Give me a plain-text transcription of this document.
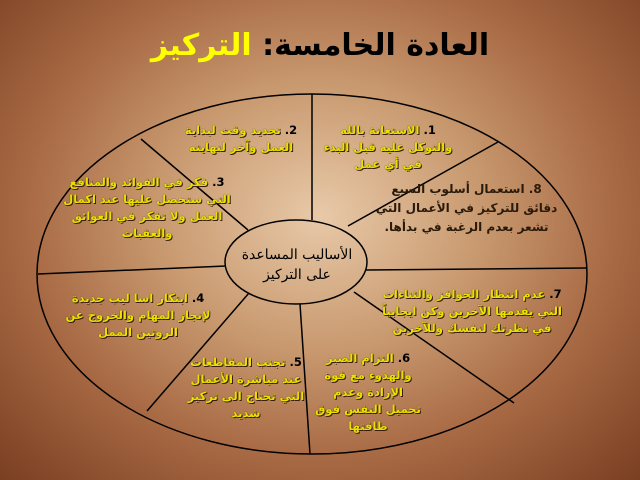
العادة الخامسة: التركيز
1. الاستعانة بالله والتوكل عليه قبل البدء في أي عمل
2. تحديد وقت لبداية العمل وآخر لنهايته
3. فكر في الفوائد والمنافع التي ستحصل عليها عند اكمال العمل ولا تفكر في العوائق والعقبات
4. ابتكار اسا ليب جديدة لإنجاز المهام والخروج عن الروتين الممل
5. تجنب المقاطعات عند مباشرة الأعمال التي تحتاج الى تركيز شديد
6. التزام الصبر والهدوء مع قوة الإرادة وعدم تحميل النفس فوق طاقتها
7. عدم انتظار الحوافز والثناءات التي يقدمها الآخرين وكن ايجابياً في نظرتك لنفسك وللآخرين
8. استعمال أسلوب السبع دقائق للتركيز في الأعمال التي تشعر بعدم الرغبة في بدأها.
الأساليب المساعدة على التركيز
